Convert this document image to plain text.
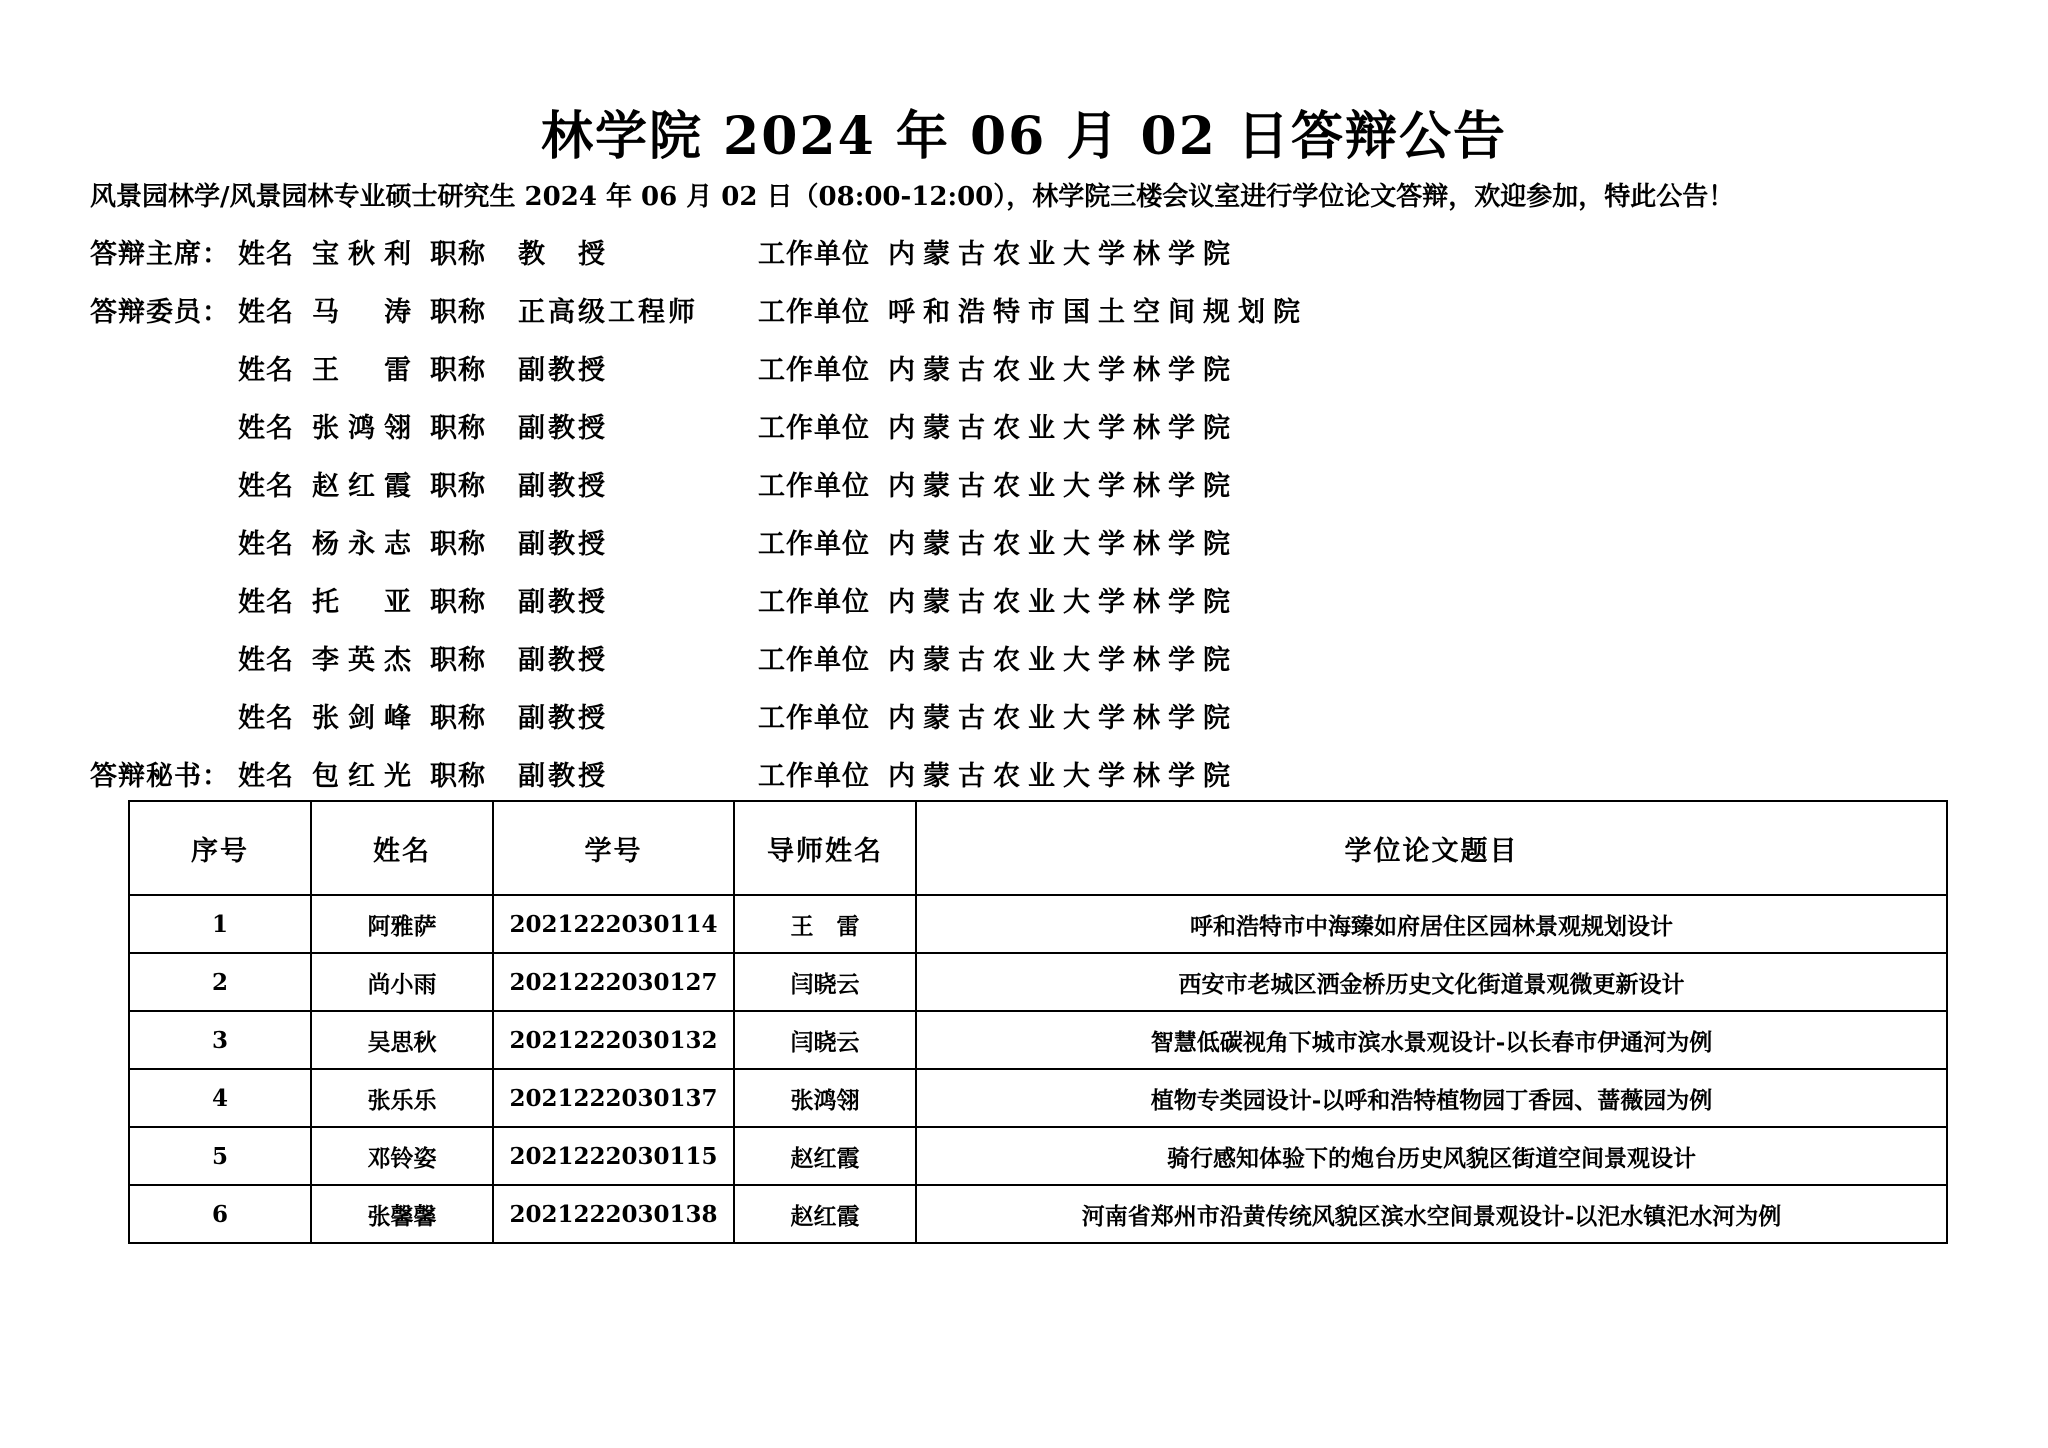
林学院 2024 年 06 月 02 日答辩公告
风景园林学/风景园林专业硕士研究生 2024 年 06 月 02 日（08:00-12:00），林学院三楼会议室进行学位论文答辩，欢迎参加，特此公告！
答辩主席： 姓名 宝秋利 职称 教　授	工作单位 内蒙古农业大学林学院
答辩委员： 姓名 马　涛 职称 正高级工程师 工作单位 呼和浩特市国土空间规划院
姓名 王　雷 职称 副教授	工作单位 内蒙古农业大学林学院
姓名 张鸿翎 职称 副教授	工作单位 内蒙古农业大学林学院
姓名 赵红霞 职称 副教授	工作单位 内蒙古农业大学林学院
姓名 杨永志 职称 副教授	工作单位 内蒙古农业大学林学院
姓名 托　亚 职称 副教授	工作单位 内蒙古农业大学林学院
姓名 李英杰 职称 副教授	工作单位 内蒙古农业大学林学院
姓名 张剑峰 职称 副教授	工作单位 内蒙古农业大学林学院
答辩秘书： 姓名 包红光 职称 副教授	工作单位 内蒙古农业大学林学院
序号	姓名	学号	导师姓名	学位论文题目
1	阿雅萨	2021222030114	王　雷	呼和浩特市中海臻如府居住区园林景观规划设计
2	尚小雨	2021222030127	闫晓云	西安市老城区洒金桥历史文化街道景观微更新设计
3	吴思秋	2021222030132	闫晓云	智慧低碳视角下城市滨水景观设计-以长春市伊通河为例
4	张乐乐	2021222030137	张鸿翎	植物专类园设计-以呼和浩特植物园丁香园、蔷薇园为例
5	邓铃姿	2021222030115	赵红霞	骑行感知体验下的炮台历史风貌区街道空间景观设计
6	张馨馨	2021222030138	赵红霞	河南省郑州市沿黄传统风貌区滨水空间景观设计-以汜水镇汜水河为例
